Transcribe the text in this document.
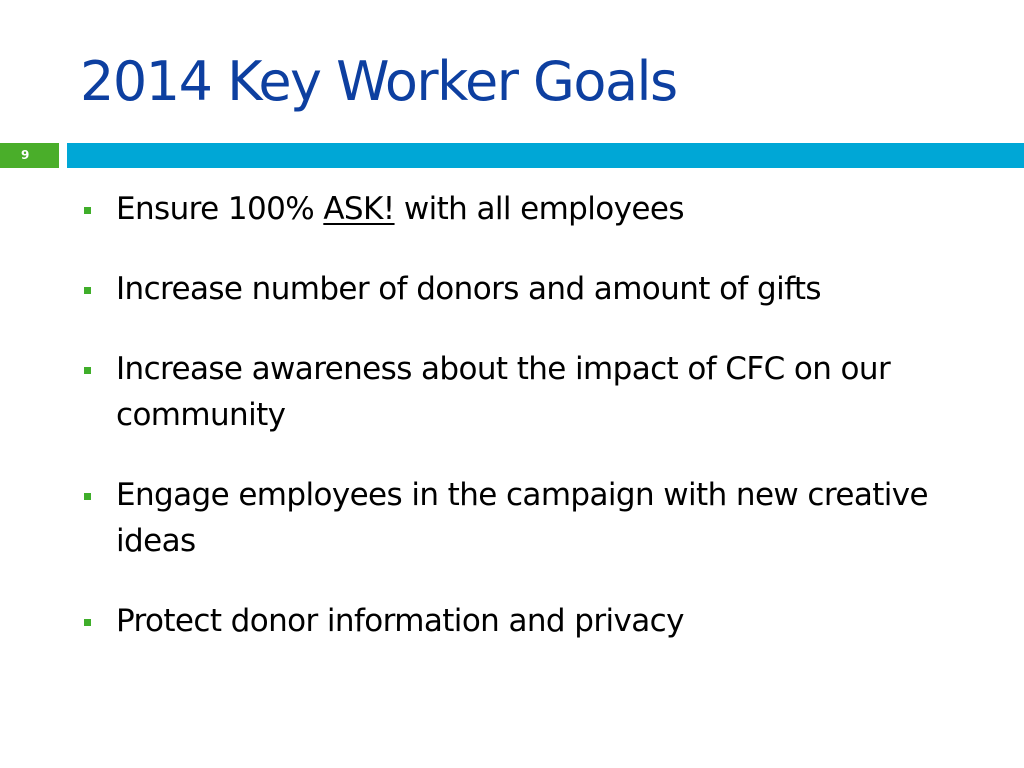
2014 Key Worker Goals
9
Ensure 100% ASK! with all employees
Increase number of donors and amount of gifts
Increase awareness about the impact of CFC on our community
Engage employees in the campaign with new creative ideas
Protect donor information and privacy
